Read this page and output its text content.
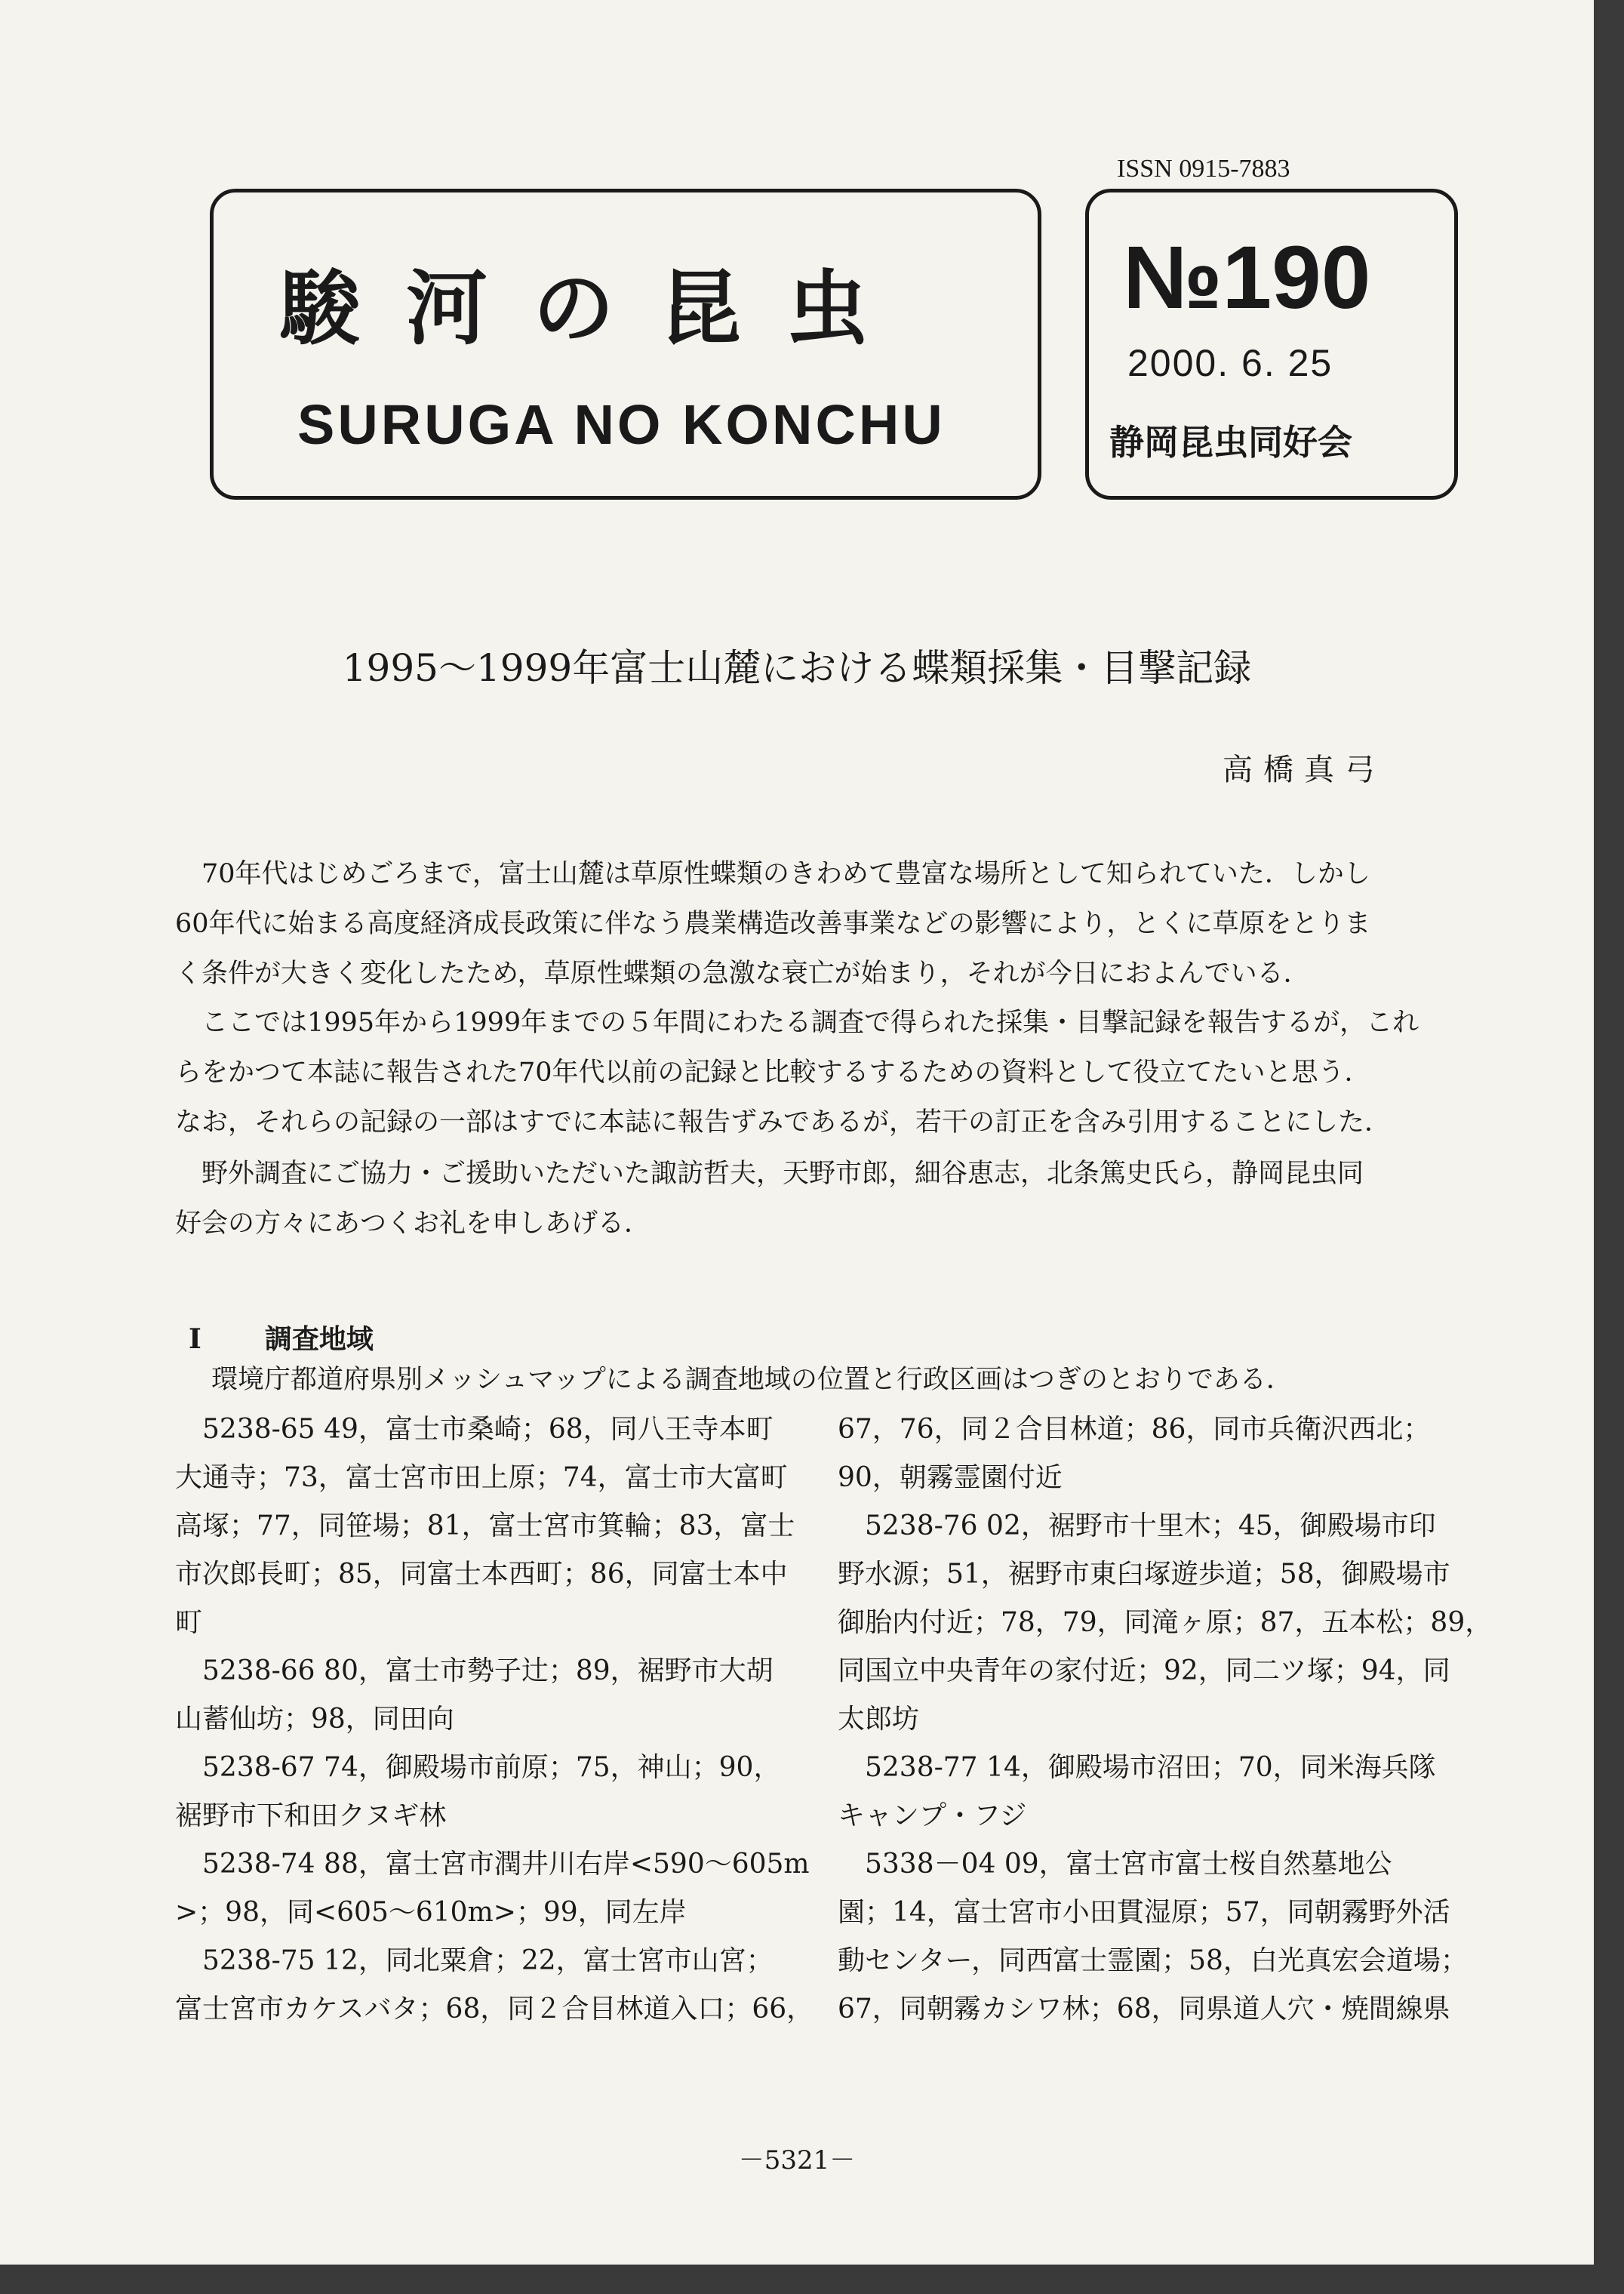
駿河の昆虫
SURUGA NO KONCHU
ISSN 0915-7883
№190
2000. 6. 25
静岡昆虫同好会
1995～1999年富士山麓における蝶類採集・目撃記録
高橋真弓

　70年代はじめごろまで，富士山麓は草原性蝶類のきわめて豊富な場所として知られていた．しかし

60年代に始まる高度経済成長政策に伴なう農業構造改善事業などの影響により，とくに草原をとりま

く条件が大きく変化したため，草原性蝶類の急激な衰亡が始まり，それが今日におよんでいる．

　ここでは1995年から1999年までの５年間にわたる調査で得られた採集・目撃記録を報告するが，これ

らをかつて本誌に報告された70年代以前の記録と比較するするための資料として役立てたいと思う．

なお，それらの記録の一部はすでに本誌に報告ずみであるが，若干の訂正を含み引用することにした．

　野外調査にご協力・ご援助いただいた諏訪哲夫，天野市郎，細谷恵志，北条篤史氏ら，静岡昆虫同

好会の方々にあつくお礼を申しあげる．

I 調査地域
環境庁都道府県別メッシュマップによる調査地域の位置と行政区画はつぎのとおりである．

　5238-65 49，富士市桑崎；68，同八王寺本町

大通寺；73，富士宮市田上原；74，富士市大富町

高塚；77，同笹場；81，富士宮市箕輪；83，富士

市次郎長町；85，同富士本西町；86，同富士本中

町

　5238-66 80，富士市勢子辻；89，裾野市大胡

山蓄仙坊；98，同田向

　5238-67 74，御殿場市前原；75，神山；90，

裾野市下和田クヌギ林

　5238-74 88，富士宮市潤井川右岸<590～605m

>；98，同<605～610m>；99，同左岸

　5238-75 12，同北粟倉；22，富士宮市山宮；

富士宮市カケスバタ；68，同２合目林道入口；66，

67，76，同２合目林道；86，同市兵衛沢西北；

90，朝霧霊園付近

　5238-76 02，裾野市十里木；45，御殿場市印

野水源；51，裾野市東臼塚遊歩道；58，御殿場市

御胎内付近；78，79，同滝ヶ原；87，五本松；89，

同国立中央青年の家付近；92，同二ツ塚；94，同

太郎坊

　5238-77 14，御殿場市沼田；70，同米海兵隊

キャンプ・フジ

　5338－04 09，富士宮市富士桜自然墓地公

園；14，富士宮市小田貫湿原；57，同朝霧野外活

動センター，同西富士霊園；58，白光真宏会道場；

67，同朝霧カシワ林；68，同県道人穴・焼間線県

－5321－
